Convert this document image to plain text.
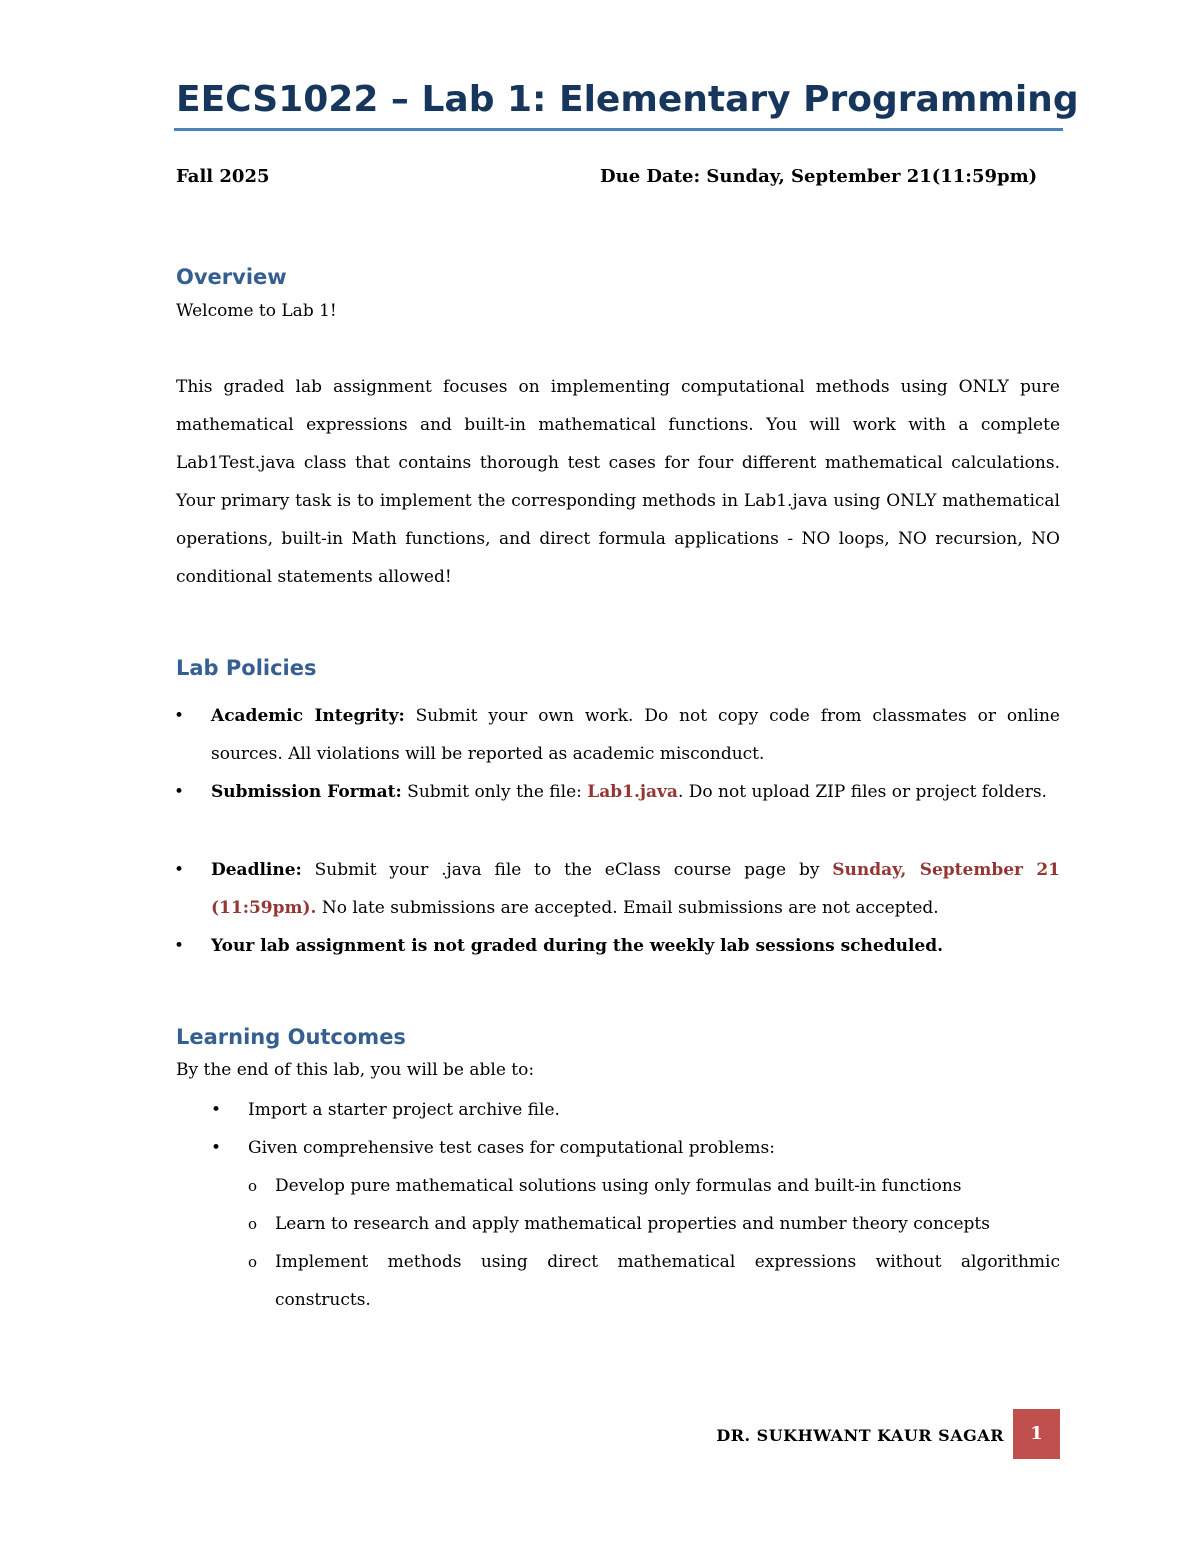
EECS1022 – Lab 1: Elementary Programming
Fall 2025	Due Date: Sunday, September 21(11:59pm)
Overview
Welcome to Lab 1!
This graded lab assignment focuses on implementing computational methods using ONLY pure mathematical expressions and built-in mathematical functions. You will work with a complete Lab1Test.java class that contains thorough test cases for four different mathematical calculations. Your primary task is to implement the corresponding methods in Lab1.java using ONLY mathematical operations, built-in Math functions, and direct formula applications - NO loops, NO recursion, NO conditional statements allowed!
Lab Policies
• Academic Integrity: Submit your own work. Do not copy code from classmates or online sources. All violations will be reported as academic misconduct.
• Submission Format: Submit only the file: Lab1.java. Do not upload ZIP files or project folders.
• Deadline: Submit your .java file to the eClass course page by Sunday, September 21 (11:59pm). No late submissions are accepted. Email submissions are not accepted.
• Your lab assignment is not graded during the weekly lab sessions scheduled.
Learning Outcomes
By the end of this lab, you will be able to:
• Import a starter project archive file.
• Given comprehensive test cases for computational problems:
o Develop pure mathematical solutions using only formulas and built-in functions
o Learn to research and apply mathematical properties and number theory concepts
o Implement methods using direct mathematical expressions without algorithmic constructs.
DR. SUKHWANT KAUR SAGAR	1
